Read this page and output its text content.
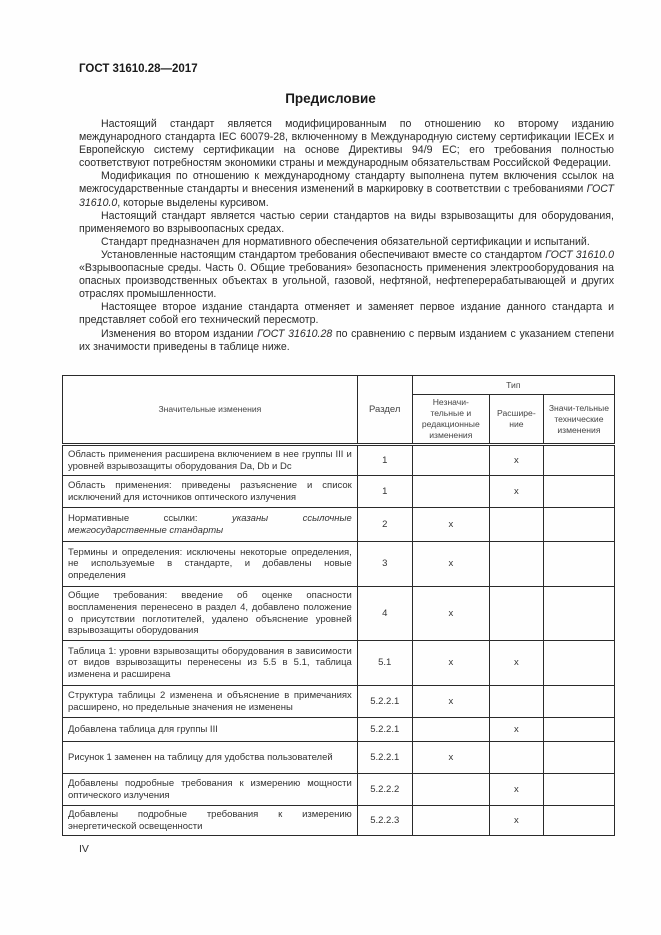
ГОСТ 31610.28—2017
Предисловие

Настоящий стандарт является модифицированным по отношению ко второму изданию международного стандарта IEC 60079-28, включенному в Международную систему сертификации IECEx и Европейскую систему сертификации на основе Директивы 94/9 ЕС; его требования полностью соответствуют потребностям экономики страны и международным обязательствам Российской Федерации.

Модификация по отношению к международному стандарту выполнена путем включения ссылок на межгосударственные стандарты и внесения изменений в маркировку в соответствии с требованиями ГОСТ 31610.0, которые выделены курсивом.

Настоящий стандарт является частью серии стандартов на виды взрывозащиты для оборудования, применяемого во взрывоопасных средах.

Стандарт предназначен для нормативного обеспечения обязательной сертификации и испытаний.

Установленные настоящим стандартом требования обеспечивают вместе со стандартом ГОСТ 31610.0 «Взрывоопасные среды. Часть 0. Общие требования» безопасность применения электрооборудования на опасных производственных объектах в угольной, газовой, нефтяной, нефтеперерабатывающей и других отраслях промышленности.

Настоящее второе издание стандарта отменяет и заменяет первое издание данного стандарта и представляет собой его технический пересмотр.

Изменения во втором издании ГОСТ 31610.28 по сравнению с первым изданием с указанием степени их значимости приведены в таблице ниже.

Значительные изменения	Раздел	Тип		
		Незначи-тельные и редакционные изменения	Расшире-ние	Значи-тельные технические изменения
Область применения расширена включением в нее группы III и уровней взрывозащиты оборудования Da, Db и Dc	1		х	
Область применения: приведены разъяснение и список исключений для источников оптического излучения	1		х	
Нормативные ссылки: указаны ссылочные межгосударственные стандарты	2	х		
Термины и определения: исключены некоторые определения, не используемые в стандарте, и добавлены новые определения	3	х		
Общие требования: введение об оценке опасности воспламенения перенесено в раздел 4, добавлено положение о присутствии поглотителей, удалено объяснение уровней взрывозащиты оборудования	4	х		
Таблица 1: уровни взрывозащиты оборудования в зависимости от видов взрывозащиты перенесены из 5.5 в 5.1, таблица изменена и расширена	5.1	х	х	
Структура таблицы 2 изменена и объяснение в примечаниях расширено, но предельные значения не изменены	5.2.2.1	х		
Добавлена таблица для группы III	5.2.2.1		х	
Рисунок 1 заменен на таблицу для удобства пользователей	5.2.2.1	х		
Добавлены подробные требования к измерению мощности оптического излучения	5.2.2.2		х	
Добавлены подробные требования к измерению энергетической освещенности	5.2.2.3		х	
IV
